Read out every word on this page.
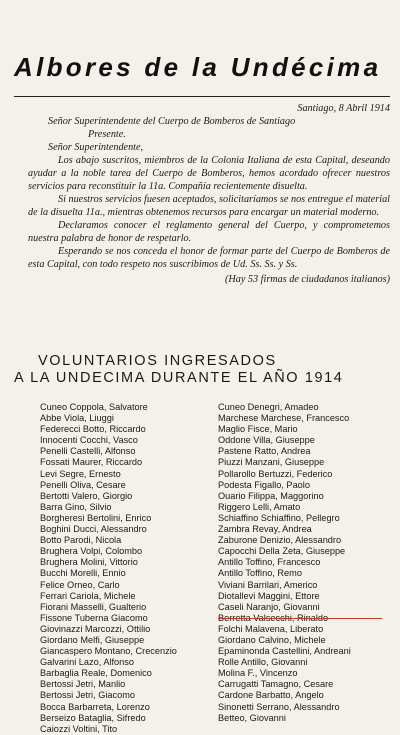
Albores de la Undécima

Santiago, 8 Abril 1914

Señor Superintendente del Cuerpo de Bomberos de Santiago

Presente.

Señor Superintendente,

Los abajo suscritos, miembros de la Colonia Italiana de esta Capital, deseando ayudar a la noble tarea del Cuerpo de Bomberos, hemos acordado ofrecer nuestros servicios para reconstituir la 11a. Compañía recientemente disuelta.

Si nuestros servicios fuesen aceptados, solicitaríamos se nos entregue el material de la disuelta 11a., mientras obtenemos recursos para encargar un material moderno.

Declaramos conocer el reglamento general del Cuerpo, y comprometemos nuestra palabra de honor de respetarlo.

Esperando se nos conceda el honor de formar parte del Cuerpo de Bomberos de esta Capital, con todo respeto nos suscribimos de Ud. Ss. Ss. y Ss.

(Hay 53 firmas de ciudadanos italianos)

VOLUNTARIOS INGRESADOS
A LA UNDECIMA DURANTE EL AÑO 1914
Cuneo Coppola, Salvatore
Abbe Viola, Liuggi
Federecci Botto, Riccardo
Innocenti Cocchi, Vasco
Penelli Castelli, Alfonso
Fossati Maurer, Riccardo
Levi Segre, Ernesto
Penelli Oliva, Cesare
Bertotti Valero, Giorgio
Barra Gino, Silvio
Borgheresi Bertolini, Enrico
Boghini Ducci, Alessandro
Botto Parodi, Nicola
Brughera Volpi, Colombo
Brughera Molini, Vittorio
Bucchi Morelli, Ennio
Felice Orneo, Carlo
Ferrari Cariola, Michele
Fiorani Masselli, Gualterio
Fissone Tuberna Giacomo
Giovinazzi Marcozzi, Ottilio
Giordano Melfi, Giuseppe
Giancaspero Montano, Crecenzio
Galvarini Lazo, Alfonso
Barbaglia Reale, Domenico
Bertossi Jetri, Manlio
Bertossi Jetri, Giacomo
Bocca Barbarreta, Lorenzo
Berseizo Bataglia, Sifredo
Caiozzi Voltini, Tito
Cuneo Denegri, Amadeo
Marchese Marchese, Francesco
Maglio Fisce, Mario
Oddone Villa, Giuseppe
Pastene Ratto, Andrea
Piuzzi Manzani, Giuseppe
Pollarollo Bertuzzi, Federico
Podesta Figallo, Paolo
Ouario Filippa, Maggorino
Riggero Lelli, Amato
Schiaffino Schiaffino, Pellegro
Zambra Revay, Andrea
Zaburone Denizio, Alessandro
Capocchi Della Zeta, Giuseppe
Antillo Toffino, Francesco
Antillo Toffino, Remo
Viviani Barrilari, Americo
Diotallevi Maggini, Ettore
Caseli Naranjo, Giovanni
Berretta Valsecchi, Rinaldo
Folchi Malavena, Liberato
Giordano Calvino, Michele
Epaminonda Castellini, Andreani
Rolle Antillo, Giovanni
Molina F., Vincenzo
Carrugatti Tamagno, Cesare
Cardone Barbatto, Angelo
Sinonetti Serrano, Alessandro
Betteo, Giovanni
